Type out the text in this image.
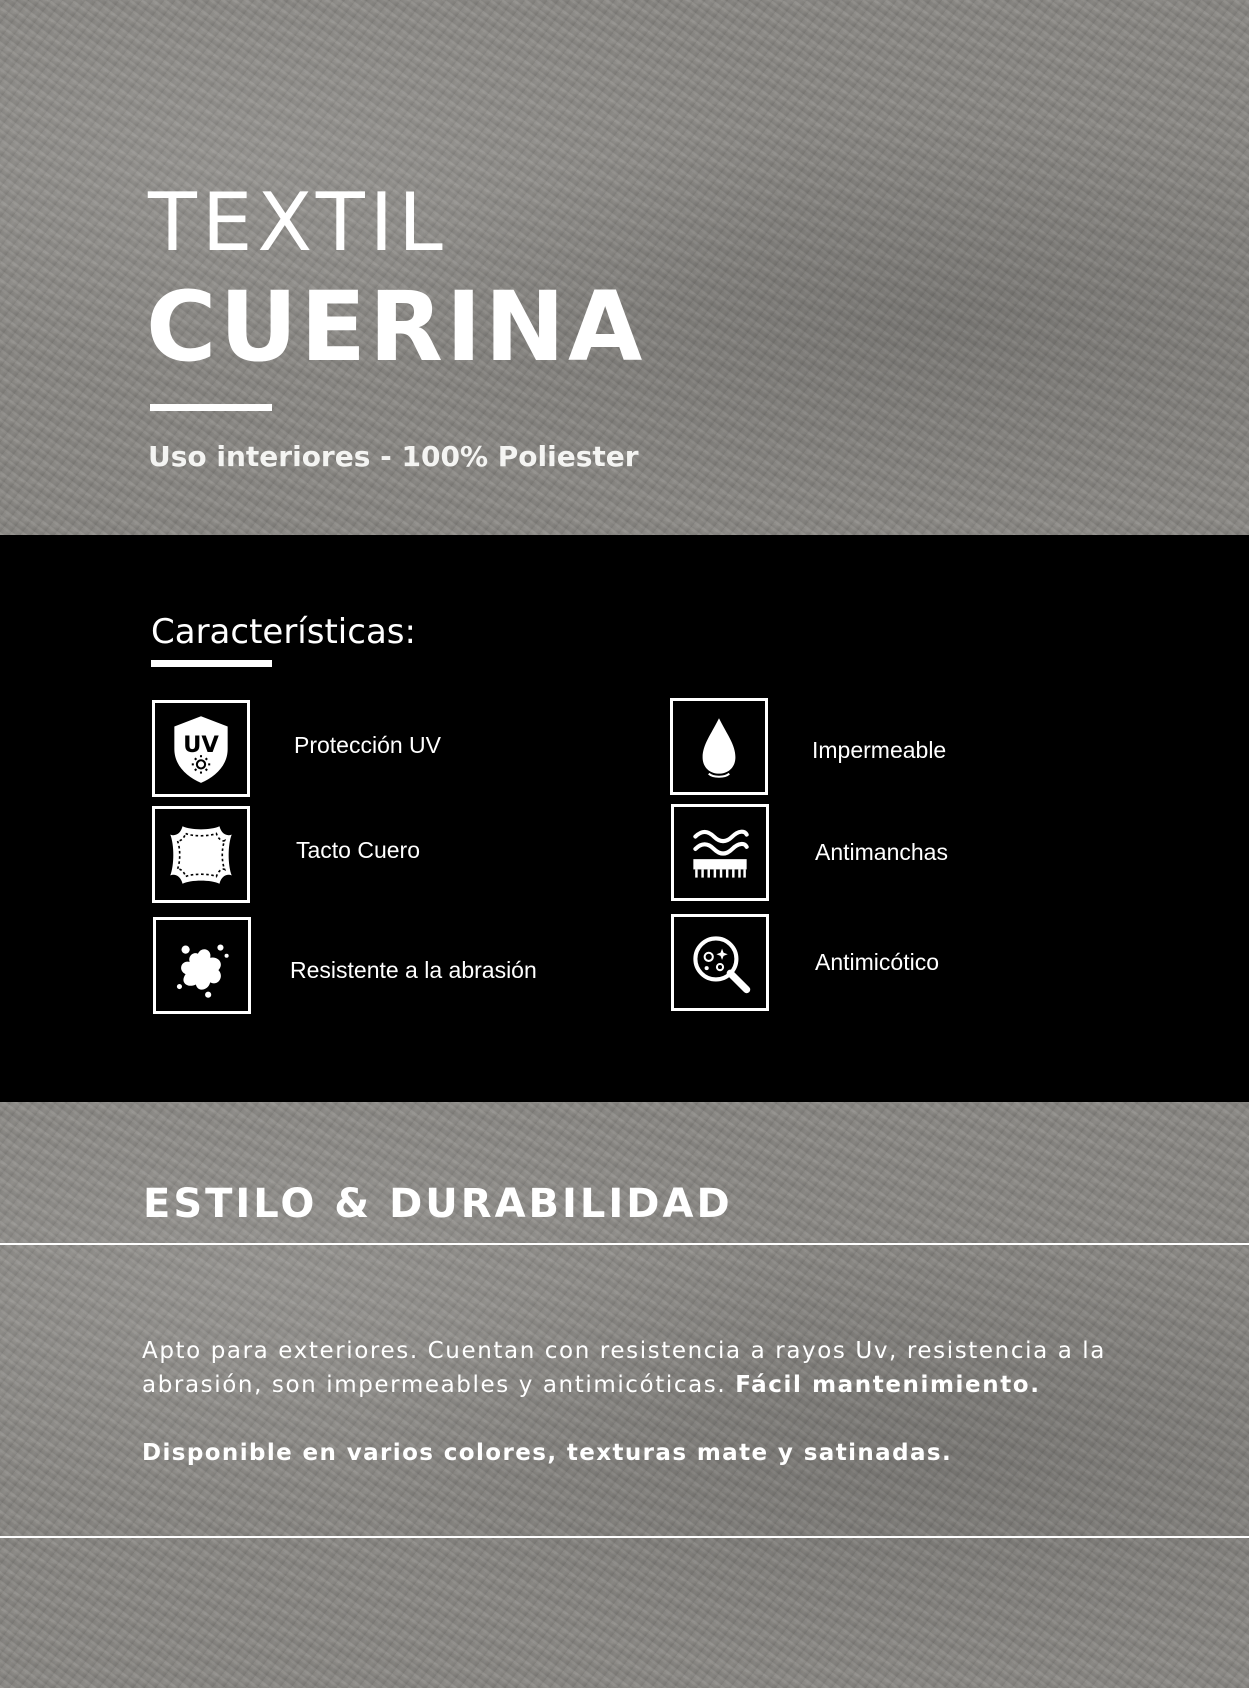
TEXTIL
CUERINA

Uso interiores - 100% Poliester

Características:
UV	Protección UV
Tacto Cuero
Resistente a la abrasión
Impermeable
Antimanchas
Antimicótico
ESTILO & DURABILIDAD

Apto para exteriores. Cuentan con resistencia a rayos Uv, resistencia a la abrasión, son impermeables y antimicóticas. Fácil mantenimiento.

Disponible en varios colores, texturas mate y satinadas.
